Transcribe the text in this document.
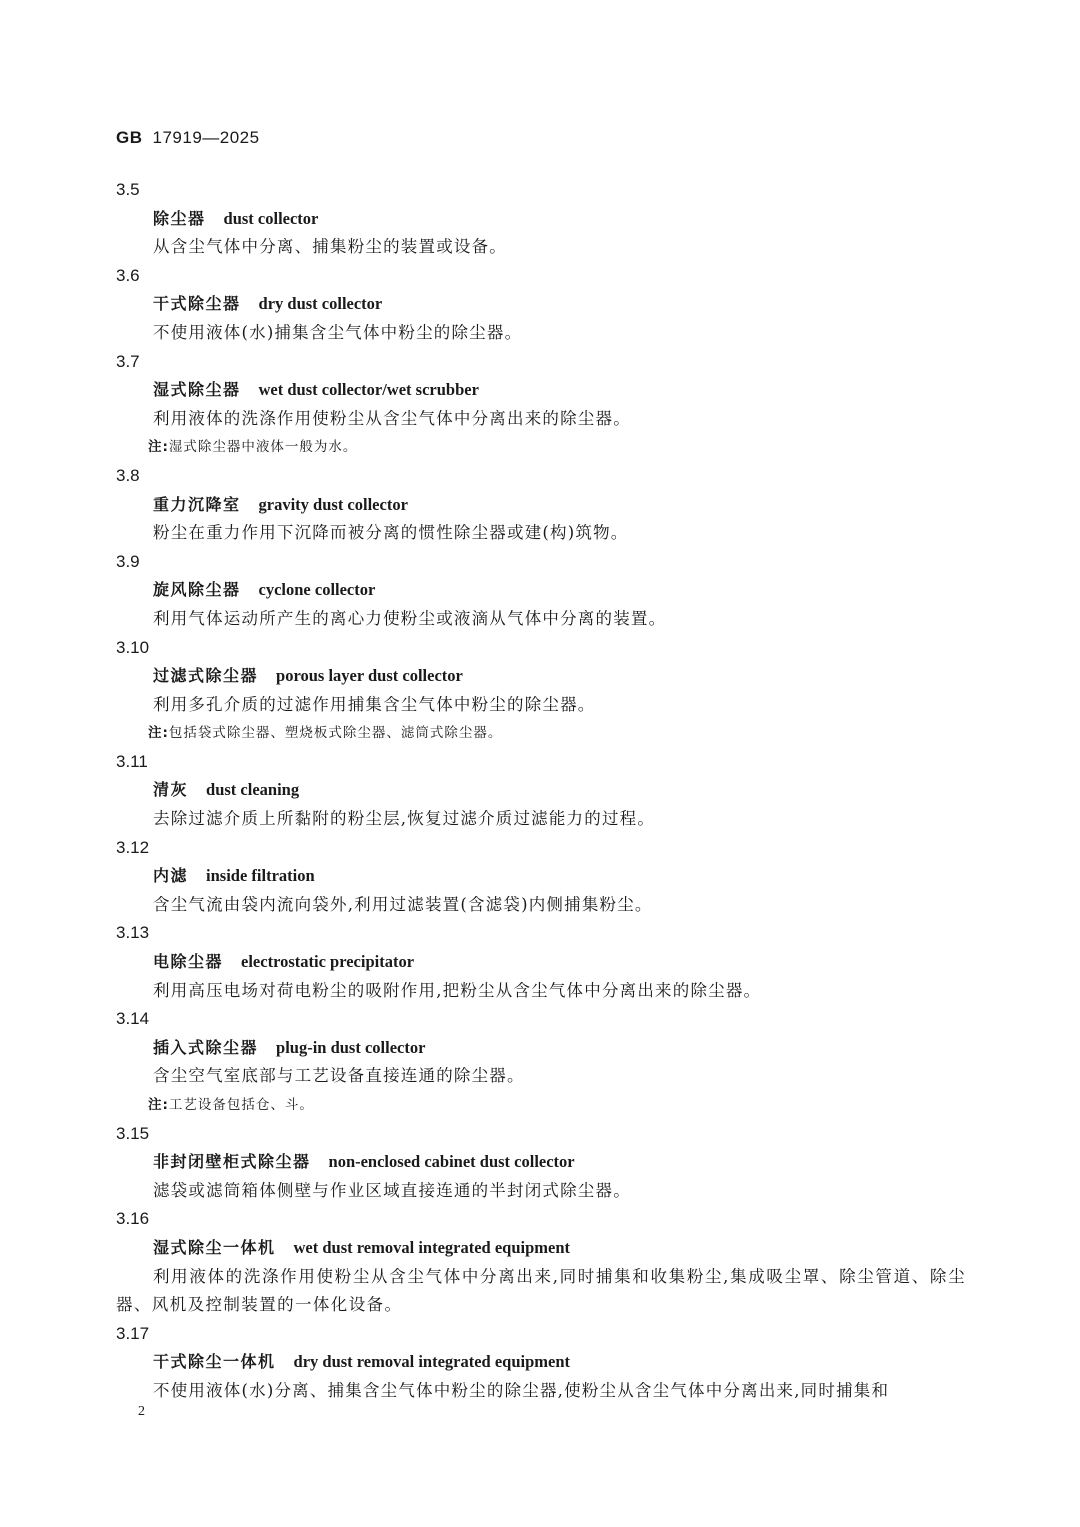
GB 17919—2025
3.5
除尘器 dust collector
从含尘气体中分离、捕集粉尘的装置或设备。
3.6
干式除尘器 dry dust collector
不使用液体(水)捕集含尘气体中粉尘的除尘器。
3.7
湿式除尘器 wet dust collector/wet scrubber
利用液体的洗涤作用使粉尘从含尘气体中分离出来的除尘器。
注:湿式除尘器中液体一般为水。
3.8
重力沉降室 gravity dust collector
粉尘在重力作用下沉降而被分离的惯性除尘器或建(构)筑物。
3.9
旋风除尘器 cyclone collector
利用气体运动所产生的离心力使粉尘或液滴从气体中分离的装置。
3.10
过滤式除尘器 porous layer dust collector
利用多孔介质的过滤作用捕集含尘气体中粉尘的除尘器。
注:包括袋式除尘器、塑烧板式除尘器、滤筒式除尘器。
3.11
清灰 dust cleaning
去除过滤介质上所黏附的粉尘层,恢复过滤介质过滤能力的过程。
3.12
内滤 inside filtration
含尘气流由袋内流向袋外,利用过滤装置(含滤袋)内侧捕集粉尘。
3.13
电除尘器 electrostatic precipitator
利用高压电场对荷电粉尘的吸附作用,把粉尘从含尘气体中分离出来的除尘器。
3.14
插入式除尘器 plug-in dust collector
含尘空气室底部与工艺设备直接连通的除尘器。
注:工艺设备包括仓、斗。
3.15
非封闭壁柜式除尘器 non-enclosed cabinet dust collector
滤袋或滤筒箱体侧壁与作业区域直接连通的半封闭式除尘器。
3.16
湿式除尘一体机 wet dust removal integrated equipment
利用液体的洗涤作用使粉尘从含尘气体中分离出来,同时捕集和收集粉尘,集成吸尘罩、除尘管道、除尘器、风机及控制装置的一体化设备。
3.17
干式除尘一体机 dry dust removal integrated equipment
不使用液体(水)分离、捕集含尘气体中粉尘的除尘器,使粉尘从含尘气体中分离出来,同时捕集和
2
